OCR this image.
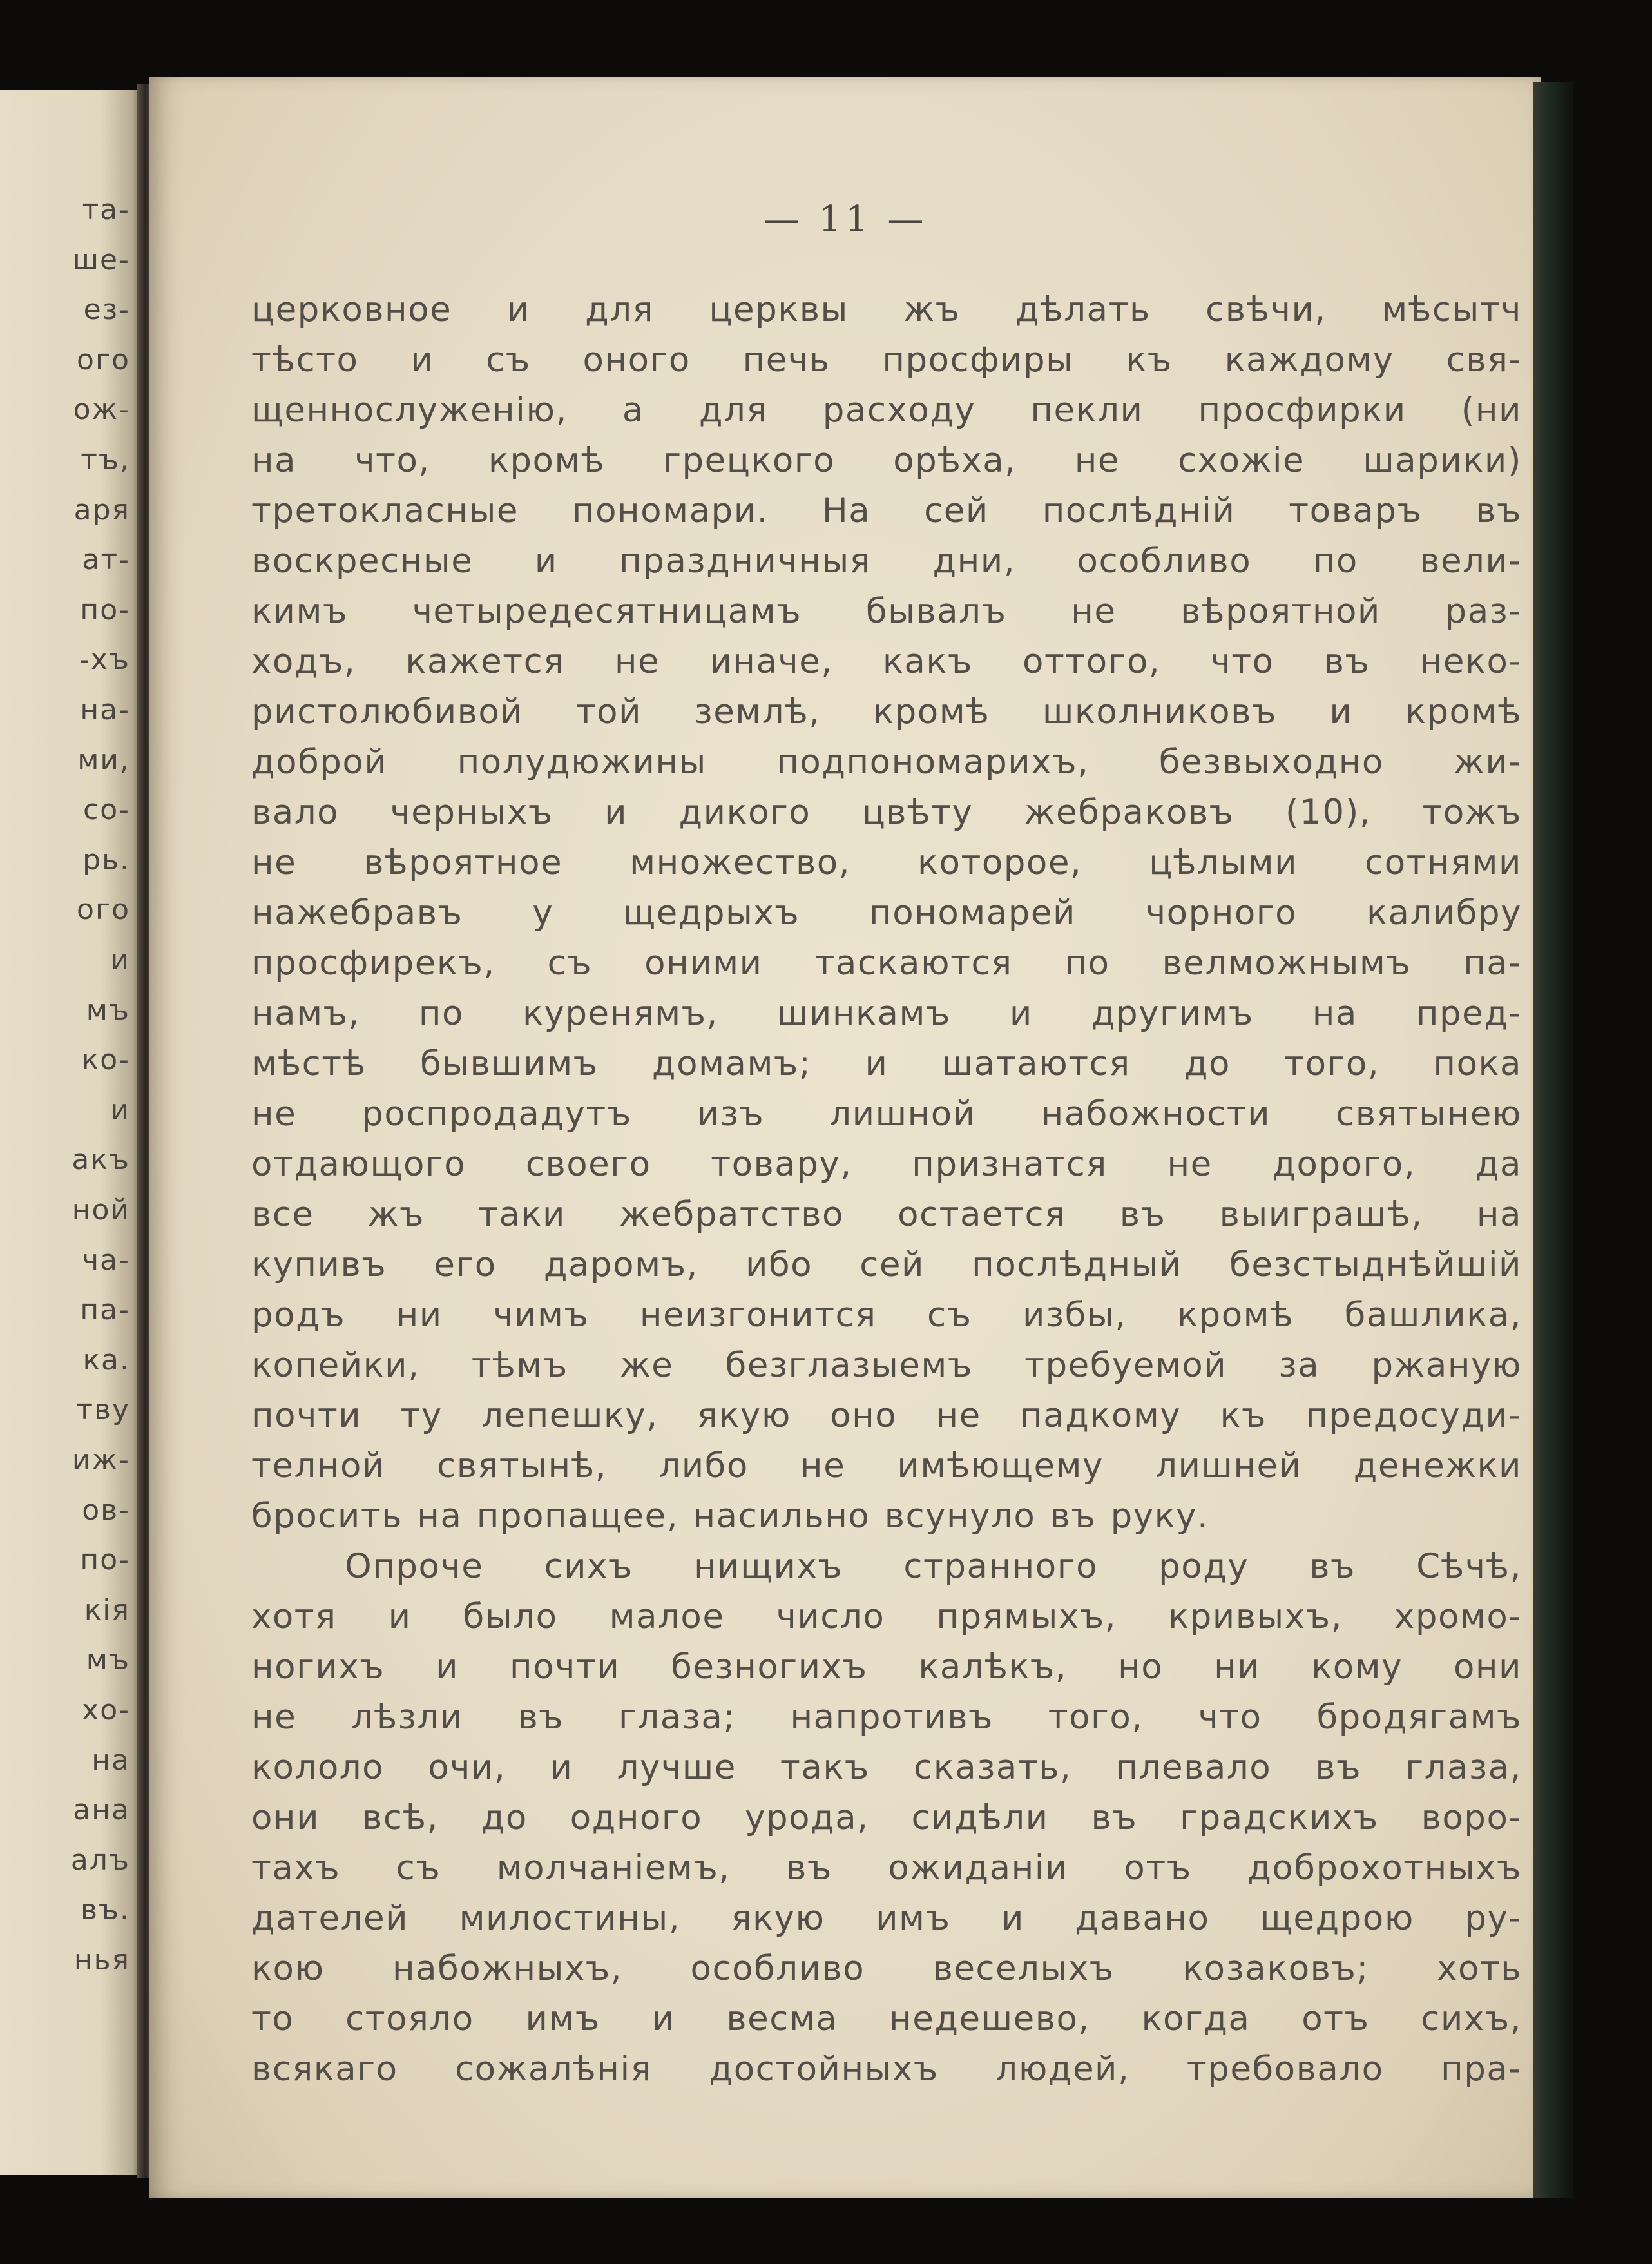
та-

ше-

ез-

ого

ож-

тъ,

аря

ат-

по-

-хъ

на-

ми,

со-

рь.

ого

и

мъ

ко-

и

акъ

ной

ча-

па-

ка.

тву

иж-

ов-

по-

кія

мъ

хо-

на

ана

алъ

въ.

нья

— 11 —

церковное и для церквы жъ дѣлать свѣчи, мѣсытч

тѣсто и съ оного печь просфиры къ каждому свя-

щеннослуженію, а для расходу пекли просфирки (ни

на что, кромѣ грецкого орѣха, не схожіе шарики)

третокласные пономари. На сей послѣдній товаръ въ

воскресные и праздничныя дни, особливо по вели-

кимъ четыредесятницамъ бывалъ не вѣроятной раз-

ходъ, кажется не иначе, какъ оттого, что въ неко-

ристолюбивой той землѣ, кромѣ школниковъ и кромѣ

доброй полудюжины подпономарихъ, безвыходно жи-

вало черныхъ и дикого цвѣту жебраковъ (10), тожъ

не вѣроятное множество, которое, цѣлыми сотнями

нажебравъ у щедрыхъ пономарей чорного калибру

просфирекъ, съ оними таскаются по велможнымъ па-

намъ, по куренямъ, шинкамъ и другимъ на пред-

мѣстѣ бывшимъ домамъ; и шатаются до того, пока

не роспродадутъ изъ лишной набожности святынею

отдающого своего товару, признатся не дорого, да

все жъ таки жебратство остается въ выиграшѣ, на

купивъ его даромъ, ибо сей послѣдный безстыднѣйшій

родъ ни чимъ неизгонится съ избы, кромѣ башлика,

копейки, тѣмъ же безглазыемъ требуемой за ржаную

почти ту лепешку, якую оно не падкому къ предосуди-

телной святынѣ, либо не имѣющему лишней денежки

бросить на пропащее, насильно всунуло въ руку.

Опроче сихъ нищихъ странного роду въ Сѣчѣ,

хотя и было малое число прямыхъ, кривыхъ, хромо-

ногихъ и почти безногихъ калѣкъ, но ни кому они

не лѣзли въ глаза; напротивъ того, что бродягамъ

кололо очи, и лучше такъ сказать, плевало въ глаза,

они всѣ, до одного урода, сидѣли въ градскихъ воро-

тахъ съ молчаніемъ, въ ожиданіи отъ доброхотныхъ

дателей милостины, якую имъ и давано щедрою ру-

кою набожныхъ, особливо веселыхъ козаковъ; хоть

то стояло имъ и весма недешево, когда отъ сихъ,

всякаго сожалѣнія достойныхъ людей, требовало пра-
